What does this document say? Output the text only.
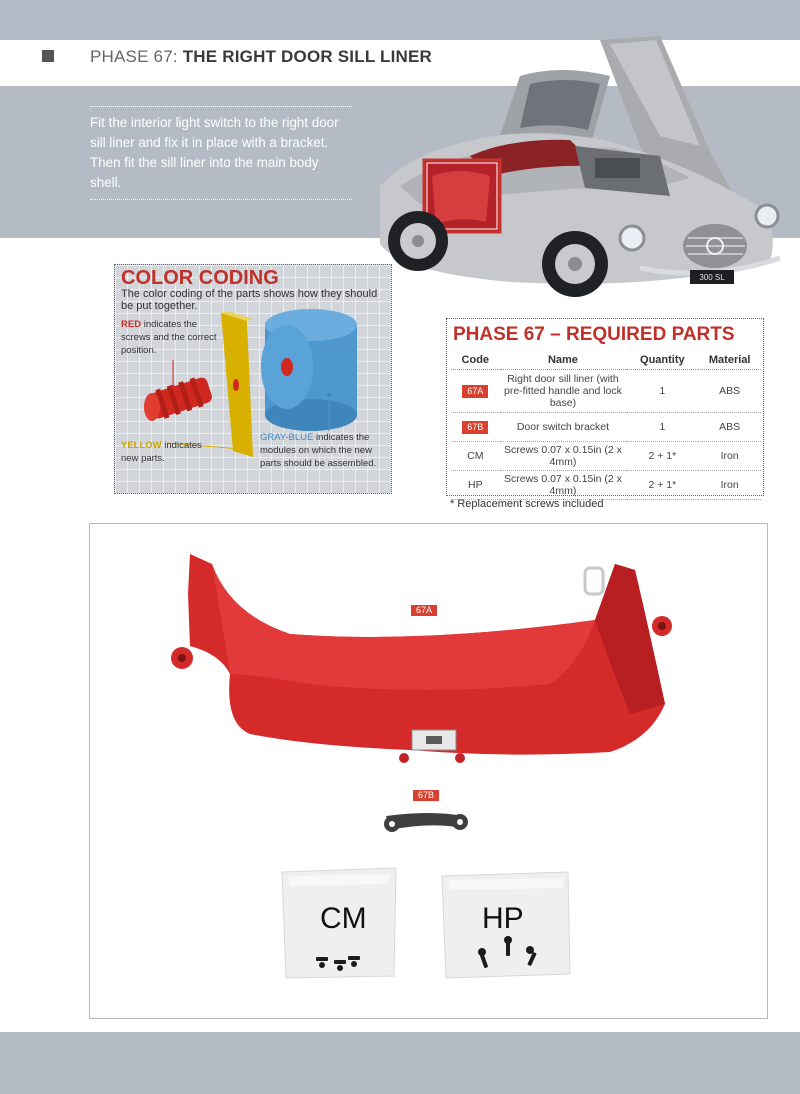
PHASE 67: THE RIGHT DOOR SILL LINER
Fit the interior light switch to the right door sill liner and fix it in place with a bracket. Then fit the sill liner into the main body shell.
300 SL
COLOR CODING
The color coding of the parts shows how they should be put together.
RED indicates the screws and the correct position.
YELLOW indicates new parts.
GRAY-BLUE indicates the modules on which the new parts should be assembled.
PHASE 67 – REQUIRED PARTS
Code	Name	Quantity	Material
67A	Right door sill liner (with pre-fitted handle and lock base)	1	ABS
67B	Door switch bracket	1	ABS
CM	Screws 0.07 x 0.15in (2 x 4mm)	2 + 1*	Iron
HP	Screws 0.07 x 0.15in (2 x 4mm)	2 + 1*	Iron
* Replacement screws included
67A
67B
CM	HP
